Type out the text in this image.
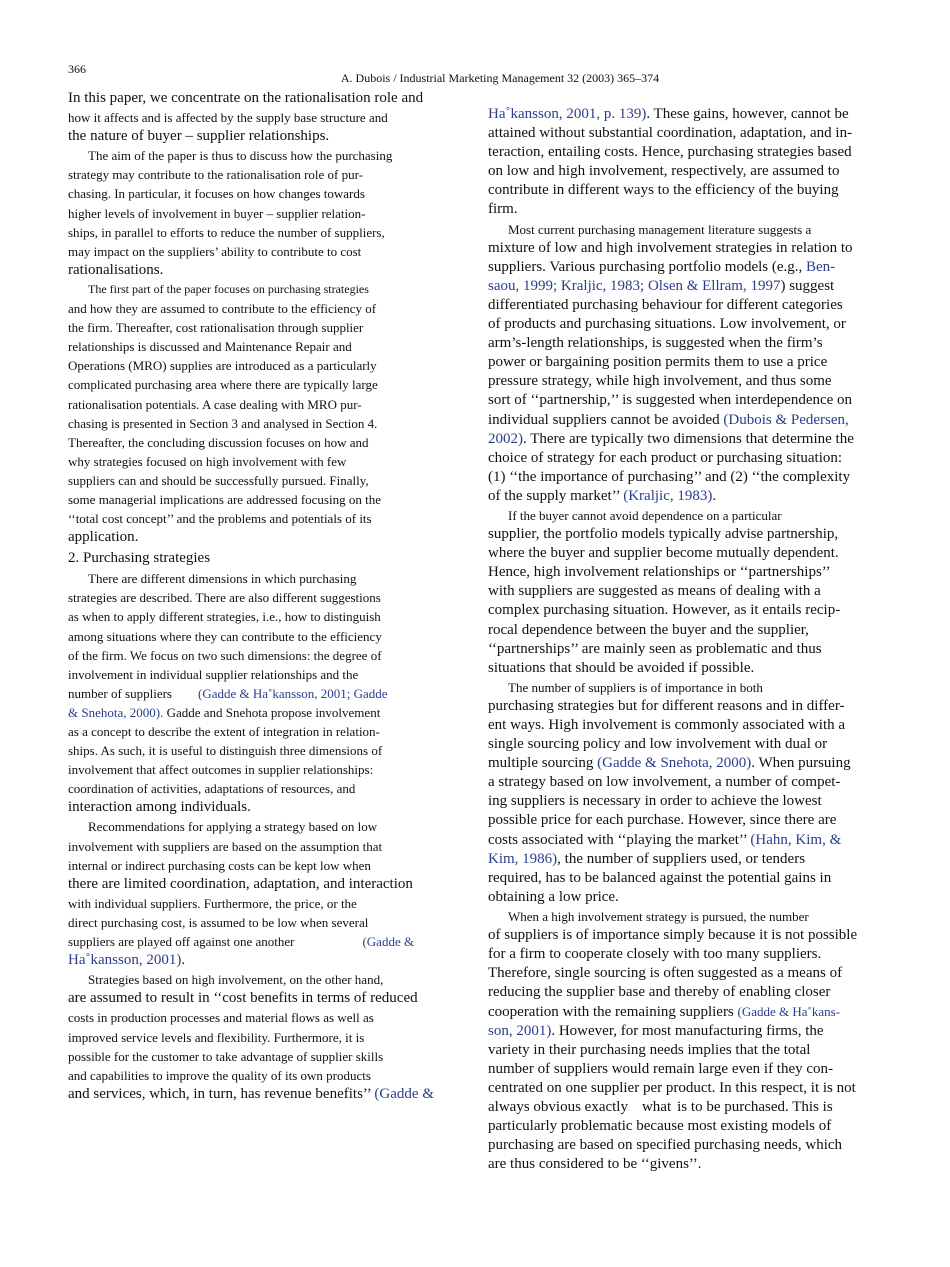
366
A. Dubois / Industrial Marketing Management 32 (2003) 365–374
In this paper, we concentrate on the rationalisation role and
how it affects and is affected by the supply base structure and
the nature of buyer – supplier relationships.
The aim of the paper is thus to discuss how the purchasing
strategy may contribute to the rationalisation role of pur-
chasing. In particular, it focuses on how changes towards
higher levels of involvement in buyer – supplier relation-
ships, in parallel to efforts to reduce the number of suppliers,
may impact on the suppliers’ ability to contribute to cost
rationalisations.
The first part of the paper focuses on purchasing strategies
and how they are assumed to contribute to the efficiency of
the firm. Thereafter, cost rationalisation through supplier
relationships is discussed and Maintenance Repair and
Operations (MRO) supplies are introduced as a particularly
complicated purchasing area where there are typically large
rationalisation potentials. A case dealing with MRO pur-
chasing is presented in Section 3 and analysed in Section 4.
Thereafter, the concluding discussion focuses on how and
why strategies focused on high involvement with few
suppliers can and should be successfully pursued. Finally,
some managerial implications are addressed focusing on the
‘‘total cost concept’’ and the problems and potentials of its
application.
2. Purchasing strategies
There are different dimensions in which purchasing
strategies are described. There are also different suggestions
as when to apply different strategies, i.e., how to distinguish
among situations where they can contribute to the efficiency
of the firm. We focus on two such dimensions: the degree of
involvement in individual supplier relationships and the
number of suppliers (Gadde & Ha˚kansson, 2001; Gadde
& Snehota, 2000). Gadde and Snehota propose involvement
as a concept to describe the extent of integration in relation-
ships. As such, it is useful to distinguish three dimensions of
involvement that affect outcomes in supplier relationships:
coordination of activities, adaptations of resources, and
interaction among individuals.
Recommendations for applying a strategy based on low
involvement with suppliers are based on the assumption that
internal or indirect purchasing costs can be kept low when
there are limited coordination, adaptation, and interaction
with individual suppliers. Furthermore, the price, or the
direct purchasing cost, is assumed to be low when several
suppliers are played off against one another	(Gadde &
Ha˚kansson, 2001).
Strategies based on high involvement, on the other hand,
are assumed to result in ‘‘cost benefits in terms of reduced
costs in production processes and material flows as well as
improved service levels and flexibility. Furthermore, it is
possible for the customer to take advantage of supplier skills
and capabilities to improve the quality of its own products
and services, which, in turn, has revenue benefits’’ (Gadde &
Ha˚kansson, 2001, p. 139). These gains, however, cannot be
attained without substantial coordination, adaptation, and in-
teraction, entailing costs. Hence, purchasing strategies based
on low and high involvement, respectively, are assumed to
contribute in different ways to the efficiency of the buying
firm.
Most current purchasing management literature suggests a
mixture of low and high involvement strategies in relation to
suppliers. Various purchasing portfolio models (e.g., Ben-
saou, 1999; Kraljic, 1983; Olsen & Ellram, 1997) suggest
differentiated purchasing behaviour for different categories
of products and purchasing situations. Low involvement, or
arm’s-length relationships, is suggested when the firm’s
power or bargaining position permits them to use a price
pressure strategy, while high involvement, and thus some
sort of ‘‘partnership,’’ is suggested when interdependence on
individual suppliers cannot be avoided (Dubois & Pedersen,
2002). There are typically two dimensions that determine the
choice of strategy for each product or purchasing situation:
(1) ‘‘the importance of purchasing’’ and (2) ‘‘the complexity
of the supply market’’ (Kraljic, 1983).
If the buyer cannot avoid dependence on a particular
supplier, the portfolio models typically advise partnership,
where the buyer and supplier become mutually dependent.
Hence, high involvement relationships or ‘‘partnerships’’
with suppliers are suggested as means of dealing with a
complex purchasing situation. However, as it entails recip-
rocal dependence between the buyer and the supplier,
‘‘partnerships’’ are mainly seen as problematic and thus
situations that should be avoided if possible.
The number of suppliers is of importance in both
purchasing strategies but for different reasons and in differ-
ent ways. High involvement is commonly associated with a
single sourcing policy and low involvement with dual or
multiple sourcing (Gadde & Snehota, 2000). When pursuing
a strategy based on low involvement, a number of compet-
ing suppliers is necessary in order to achieve the lowest
possible price for each purchase. However, since there are
costs associated with ‘‘playing the market’’ (Hahn, Kim, &
Kim, 1986), the number of suppliers used, or tenders
required, has to be balanced against the potential gains in
obtaining a low price.
When a high involvement strategy is pursued, the number
of suppliers is of importance simply because it is not possible
for a firm to cooperate closely with too many suppliers.
Therefore, single sourcing is often suggested as a means of
reducing the supplier base and thereby of enabling closer
cooperation with the remaining suppliers (Gadde & Ha˚kans-
son, 2001). However, for most manufacturing firms, the
variety in their purchasing needs implies that the total
number of suppliers would remain large even if they con-
centrated on one supplier per product. In this respect, it is not
always obvious exactly what is to be purchased. This is
particularly problematic because most existing models of
purchasing are based on specified purchasing needs, which
are thus considered to be ‘‘givens’’.
